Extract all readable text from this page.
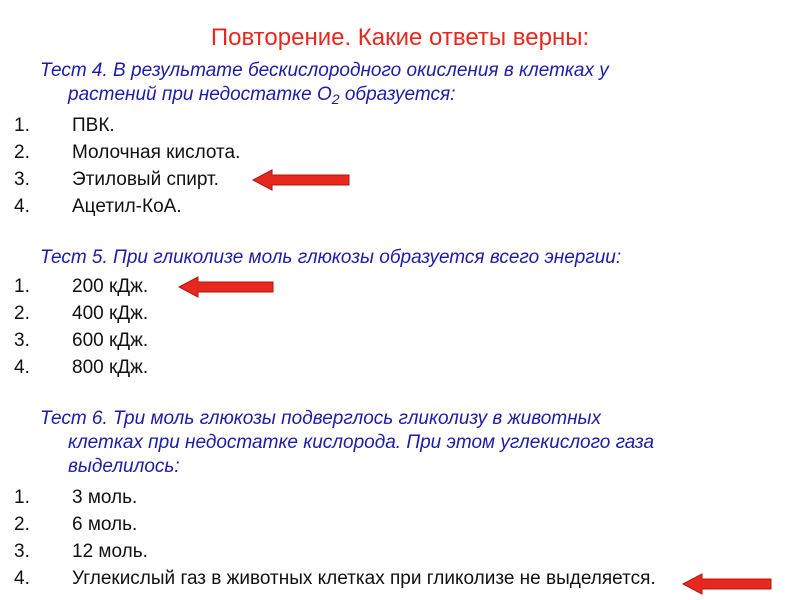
Повторение. Какие ответы верны:

Тест 4. В результате бескислородного окисления в клетках у
растений при недостатке $О_2$ образуется:

1. ПВК.
2. Молочная кислота.
3. Этиловый спирт.
4. Ацетил-КоА.

Тест 5. При гликолизе моль глюкозы образуется всего энергии:

1. 200 кДж.
2. 400 кДж.
3. 600 кДж.
4. 800 кДж.

Тест 6. Три моль глюкозы подверглось гликолизу в животных
клетках при недостатке кислорода. При этом углекислого газа
выделилось:

1. 3 моль.
2. 6 моль.
3. 12 моль.
4. Углекислый газ в животных клетках при гликолизе не выделяется.
